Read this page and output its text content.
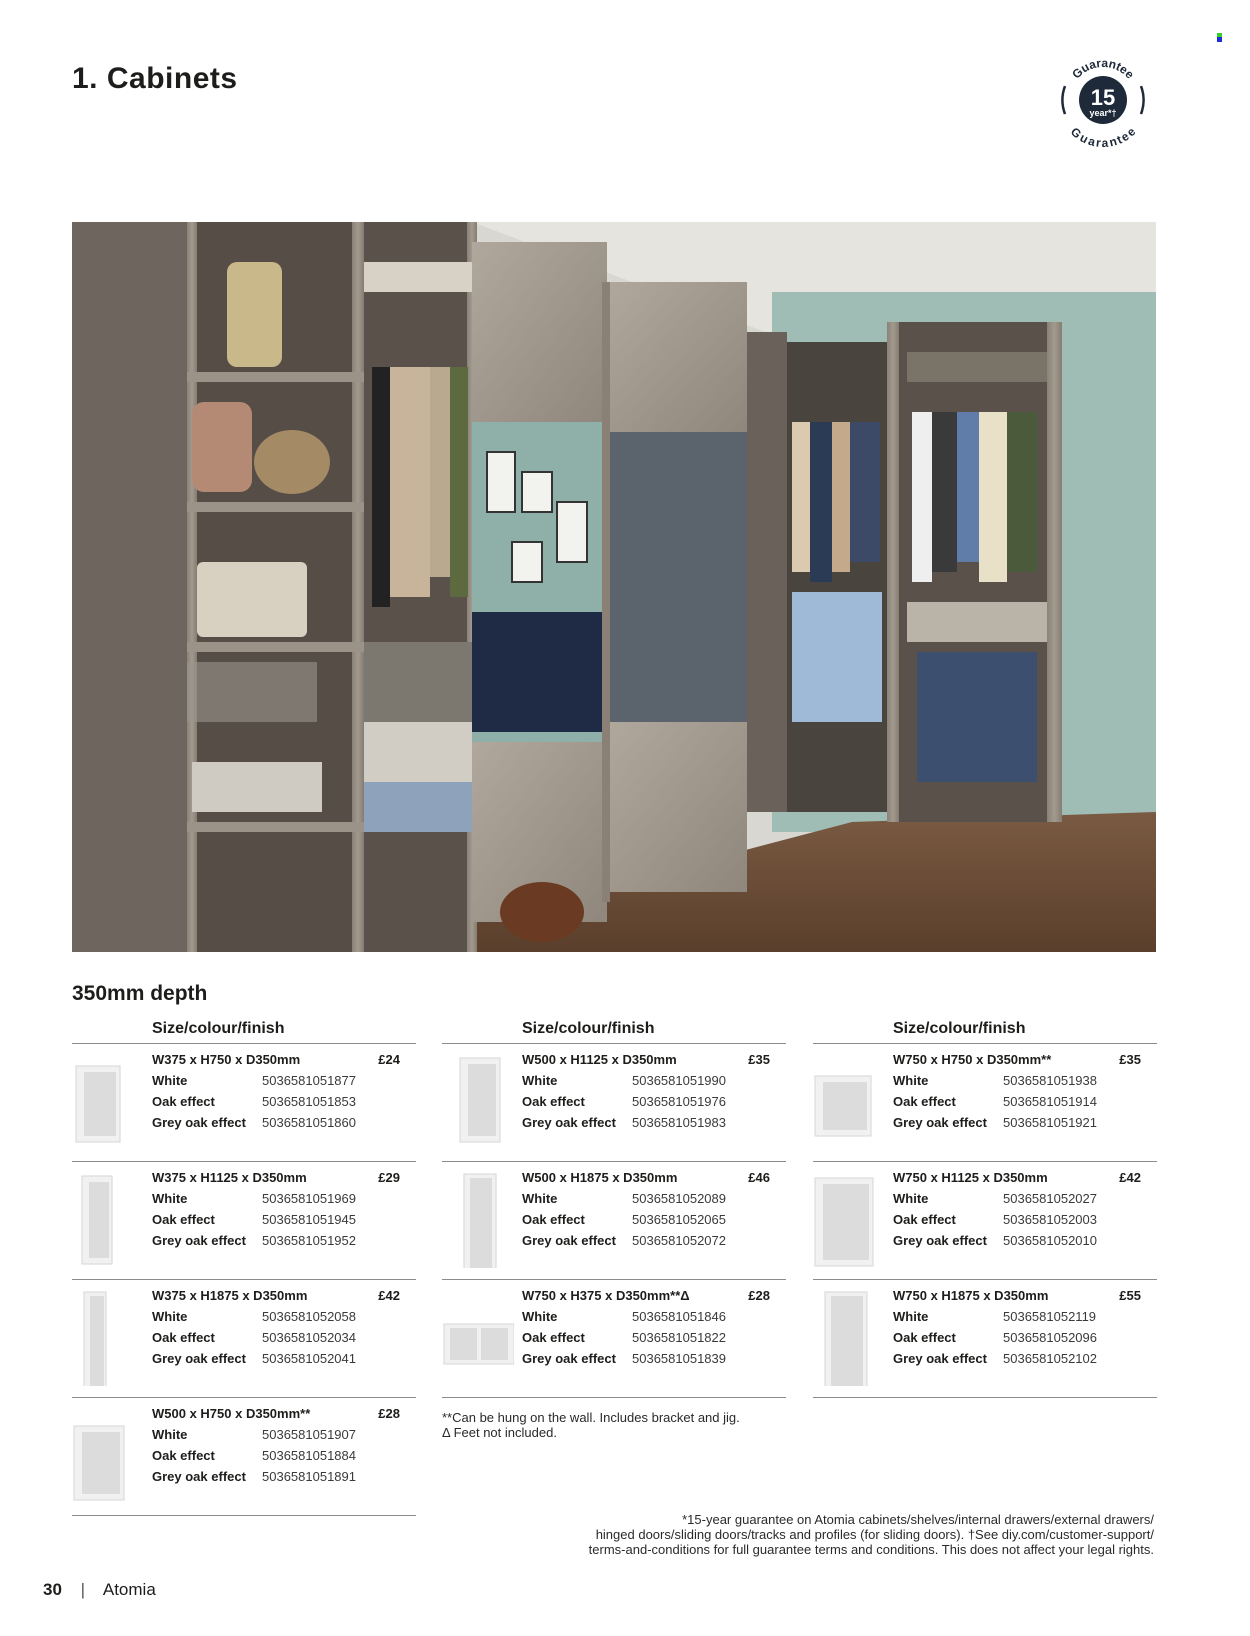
1. Cabinets	Guarantee
Guarantee
15
year*†
350mm depth
Size/colour/finish
W375 x H750 x D350mm	£24
White	5036581051877
Oak effect	5036581051853
Grey oak effect 5036581051860
W375 x H1125 x D350mm	£29
White	5036581051969
Oak effect	5036581051945
Grey oak effect 5036581051952
W375 x H1875 x D350mm	£42
White	5036581052058
Oak effect	5036581052034
Grey oak effect 5036581052041
W500 x H750 x D350mm**	£28
White	5036581051907
Oak effect	5036581051884
Grey oak effect 5036581051891
Size/colour/finish
W500 x H1125 x D350mm	£35
White	5036581051990
Oak effect	5036581051976
Grey oak effect 5036581051983
W500 x H1875 x D350mm	£46
White	5036581052089
Oak effect	5036581052065
Grey oak effect 5036581052072
W750 x H375 x D350mm**Δ	£28
White	5036581051846
Oak effect	5036581051822
Grey oak effect 5036581051839
**Can be hung on the wall. Includes bracket and jig.
Δ Feet not included.
Size/colour/finish
W750 x H750 x D350mm**	£35
White	5036581051938
Oak effect	5036581051914
Grey oak effect 5036581051921
W750 x H1125 x D350mm	£42
White	5036581052027
Oak effect	5036581052003
Grey oak effect 5036581052010
W750 x H1875 x D350mm	£55
White	5036581052119
Oak effect	5036581052096
Grey oak effect 5036581052102
*15-year guarantee on Atomia cabinets/shelves/internal drawers/external drawers/
hinged doors/sliding doors/tracks and profiles (for sliding doors). †See diy.com/customer-support/
terms-and-conditions for full guarantee terms and conditions. This does not affect your legal rights.
30 | Atomia
